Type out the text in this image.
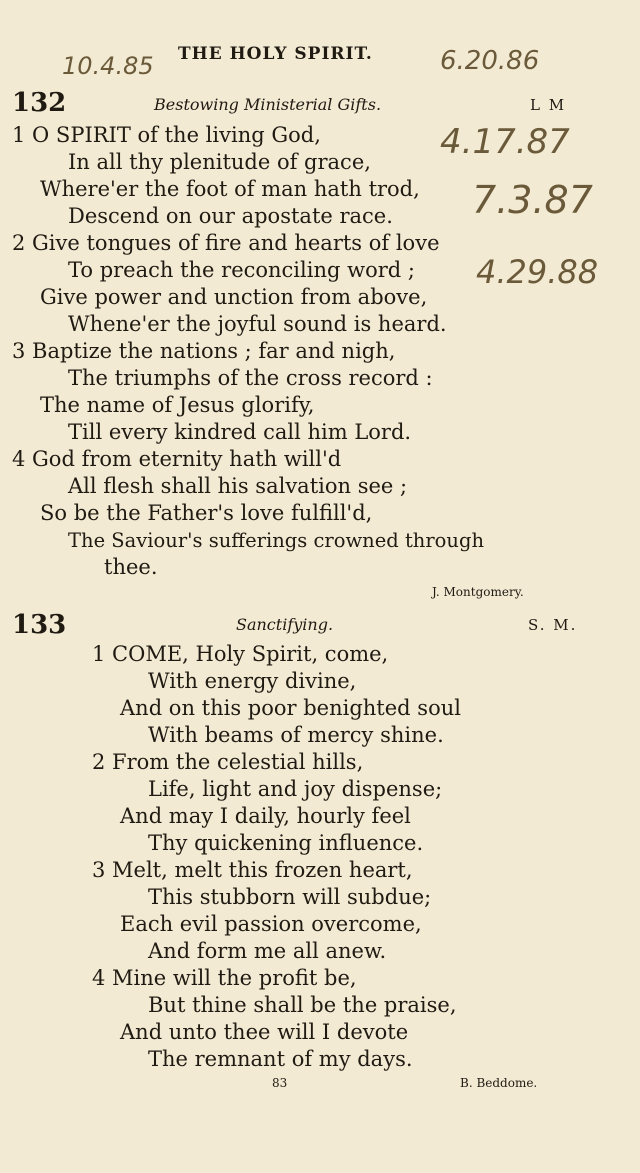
THE HOLY SPIRIT.
10.4.85	6.20.86
4.17.87
7.3.87
4.29.88
132	Bestowing Ministerial Gifts.	L M
1 O SPIRIT of the living God,
In all thy plenitude of grace,
Where'er the foot of man hath trod,
Descend on our apostate race.
2 Give tongues of fire and hearts of love
To preach the reconciling word ;
Give power and unction from above,
Whene'er the joyful sound is heard.
3 Baptize the nations ; far and nigh,
The triumphs of the cross record :
The name of Jesus glorify,
Till every kindred call him Lord.
4 God from eternity hath will'd
All flesh shall his salvation see ;
So be the Father's love fulfill'd,
The Saviour's sufferings crowned through
thee.
J. Montgomery.
133	Sanctifying.	S. M.
1 COME, Holy Spirit, come,
With energy divine,
And on this poor benighted soul
With beams of mercy shine.
2 From the celestial hills,
Life, light and joy dispense;
And may I daily, hourly feel
Thy quickening influence.
3 Melt, melt this frozen heart,
This stubborn will subdue;
Each evil passion overcome,
And form me all anew.
4 Mine will the profit be,
But thine shall be the praise,
And unto thee will I devote
The remnant of my days.
83	B. Beddome.
